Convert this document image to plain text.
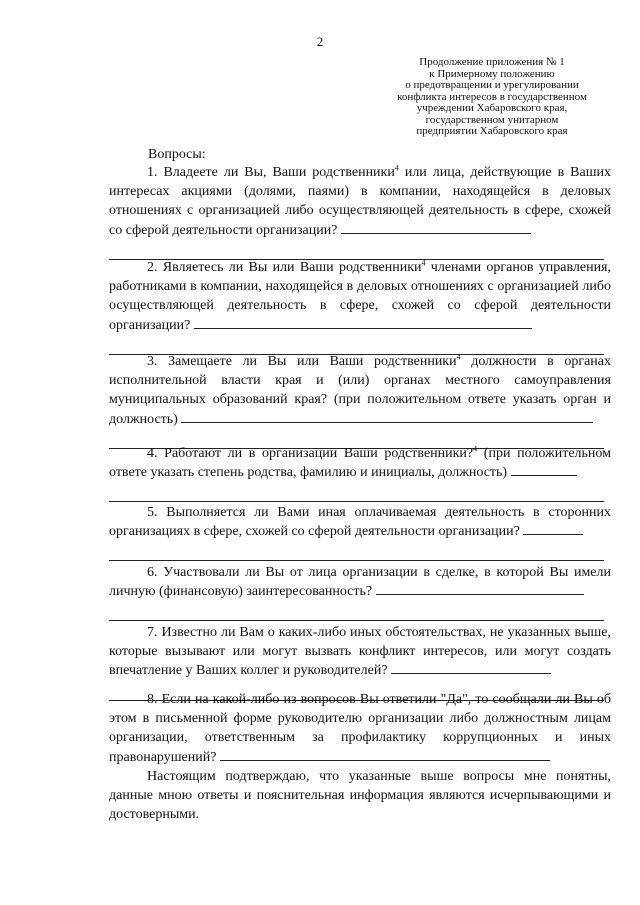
2
Продолжение приложения № 1
к Примерному положению
о предотвращении и урегулировании
конфликта интересов в государственном
учреждении Хабаровского края,
государственном унитарном
предприятии Хабаровского края
Вопросы:

1. Владеете ли Вы, Ваши родственники$^4$ или лица, действующие в Ваших интересах акциями (долями, паями) в компании, находящейся в деловых отношениях с организацией либо осуществляющей деятельность в сфере, схожей со сферой деятельности организации?

2. Являетесь ли Вы или Ваши родственники$^4$ членами органов управления, работниками в компании, находящейся в деловых отношениях с организацией либо осуществляющей деятельность в сфере, схожей со сферой деятельности организации?

3. Замещаете ли Вы или Ваши родственники$^4$ должности в органах исполнительной власти края и (или) органах местного самоуправления муниципальных образований края? (при положительном ответе указать орган и должность)

4. Работают ли в организации Ваши родственники?$^4$ (при положительном ответе указать степень родства, фамилию и инициалы, должность)

5. Выполняется ли Вами иная оплачиваемая деятельность в сторонних организациях в сфере, схожей со сферой деятельности организации?

6. Участвовали ли Вы от лица организации в сделке, в которой Вы имели личную (финансовую) заинтересованность?

7. Известно ли Вам о каких-либо иных обстоятельствах, не указанных выше, которые вызывают или могут вызвать конфликт интересов, или могут создать впечатление у Ваших коллег и руководителей?

8. Если на какой-либо из вопросов Вы ответили "Да", то сообщали ли Вы об этом в письменной форме руководителю организации либо должностным лицам организации, ответственным за профилактику коррупционных и иных правонарушений?

Настоящим подтверждаю, что указанные выше вопросы мне понятны, данные мною ответы и пояснительная информация являются исчерпывающими и достоверными.
